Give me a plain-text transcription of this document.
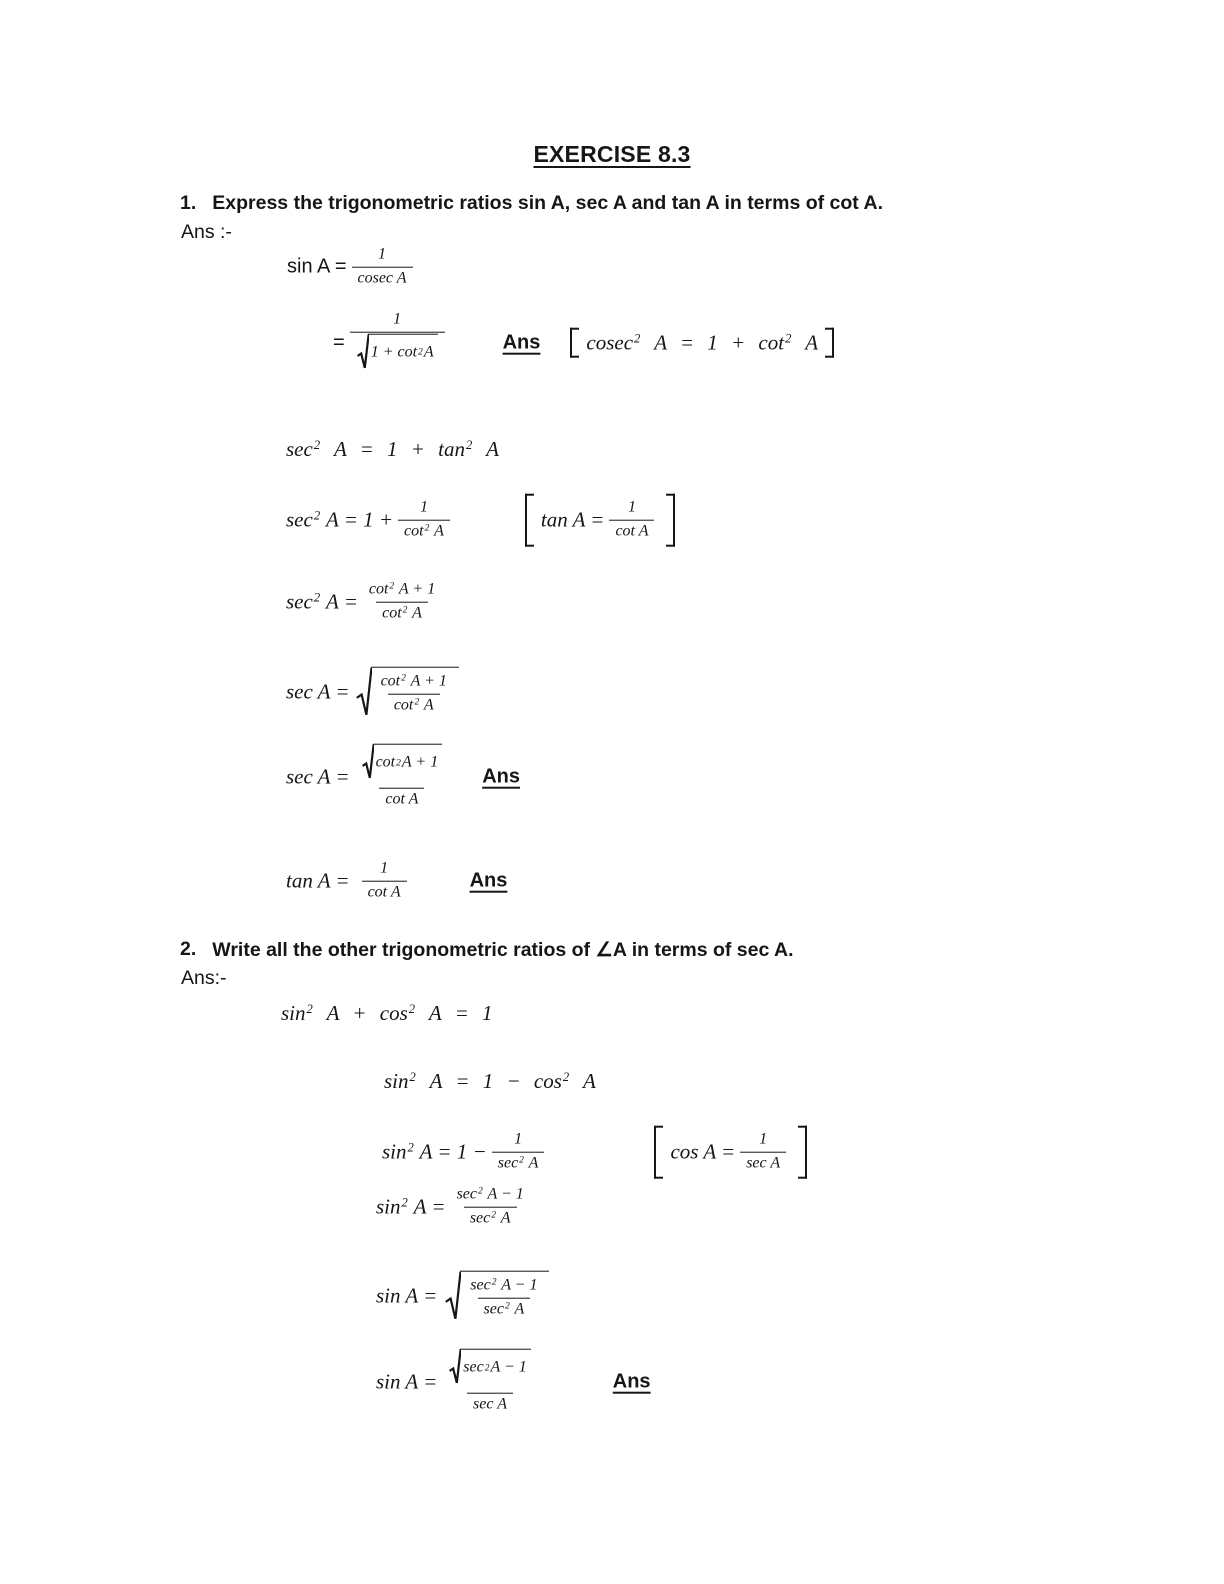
EXERCISE 8.3
1. Express the trigonometric ratios sin A, sec A and tan A in terms of cot A.
Ans :-
$\sin A = \frac{1}{\text{cosec A}}$
= $\frac{1}{1 + \cot 2 A}$	Ans cosec$^2$ $A = 1 + \cot^2 A$
$\sec^2 A = 1 + \tan^2 A$
$\sec^2 A = 1 + \frac{1}{\cot^2 A}$	$\tan A = \frac{1}{\text{cot A}}$
$\sec^2 A = \frac{\cot^2 A + 1}{\cot^2 A}$
$\sec A = \frac{\cot^2 A + 1}{\cot^2 A}$
$\sec A = \frac{\cot 2 A + 1}{\text{cot A}}$ Ans
$\tan A = \frac{1}{\text{cot A}}$	Ans
2. Write all the other trigonometric ratios of ∠A in terms of sec A.
Ans:-
$\sin^2 A + \cos^2 A = 1$
$\sin^2 A = 1 - \cos^2 A$
$\sin^2 A = 1 - \frac{1}{\sec^2 A}$	$\cos A = \frac{1}{\text{sec A}}$
$\sin^2 A = \frac{\sec^2 A - 1}{\sec^2 A}$
$\sin A = \frac{\sec^2 A - 1}{\sec^2 A}$
$\sin A = \frac{\sec 2 A - 1}{\text{sec A}}$	Ans
